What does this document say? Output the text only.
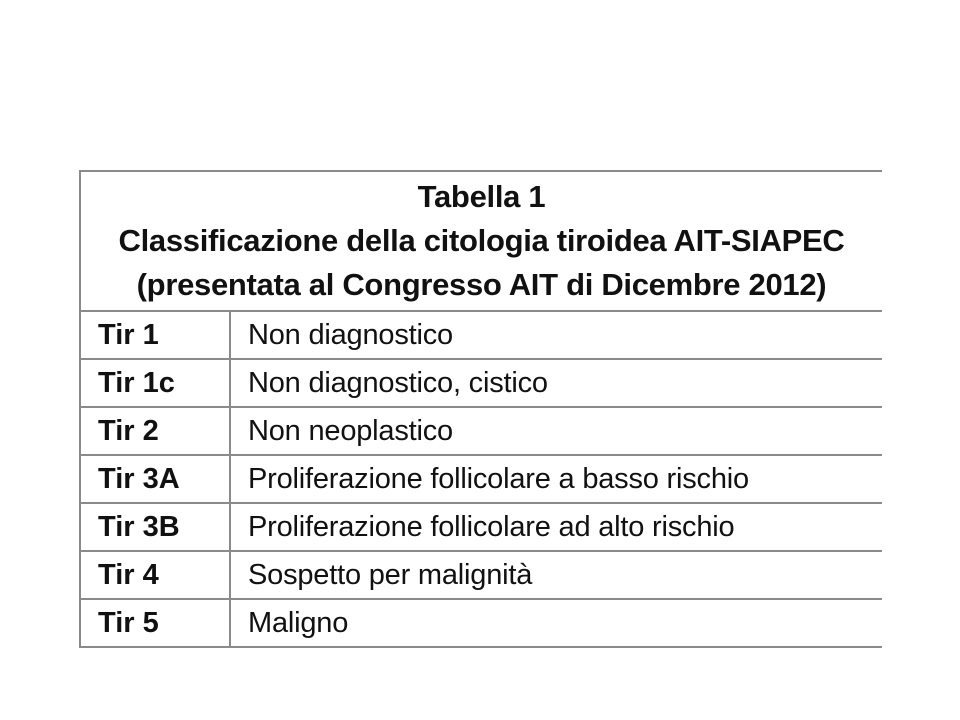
Tabella 1
Classificazione della citologia tiroidea AIT-SIAPEC
(presentata al Congresso AIT di Dicembre 2012)
Tir 1	Non diagnostico
Tir 1c	Non diagnostico, cistico
Tir 2	Non neoplastico
Tir 3A	Proliferazione follicolare a basso rischio
Tir 3B	Proliferazione follicolare ad alto rischio
Tir 4	Sospetto per malignità
Tir 5	Maligno
